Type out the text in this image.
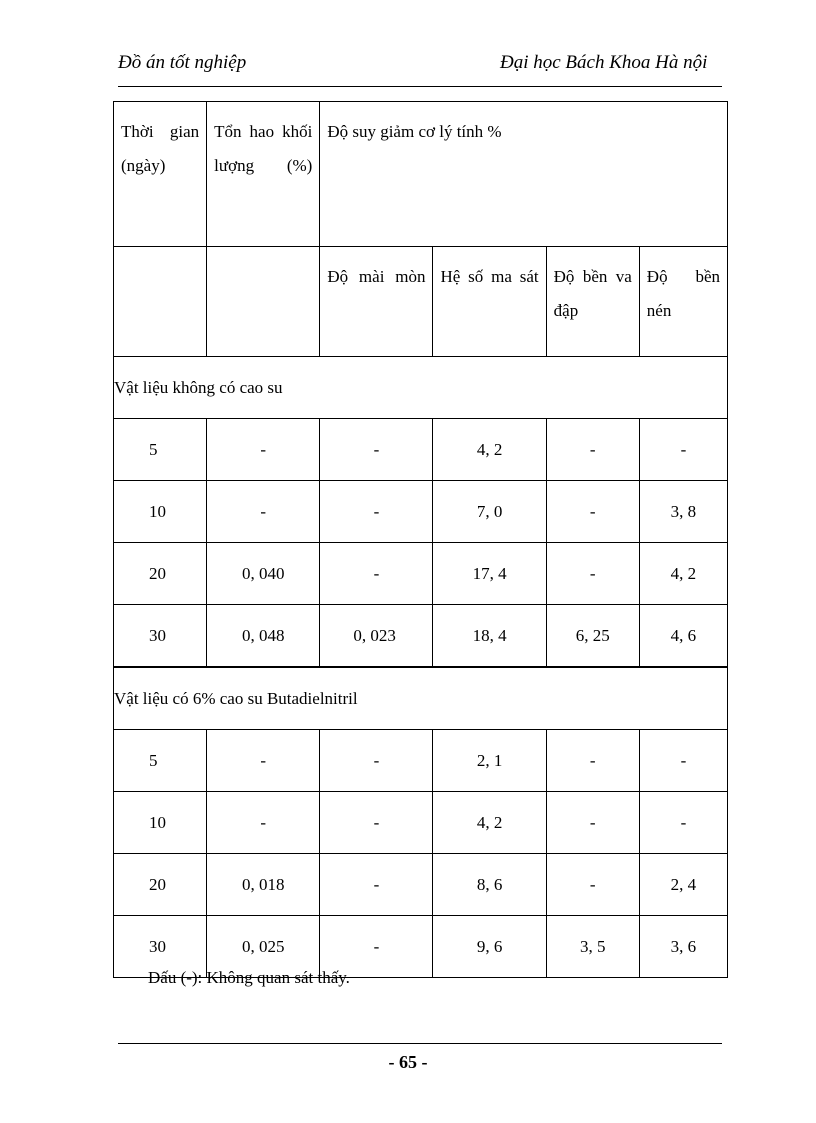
Đồ án tốt nghiệp	Đại học Bách Khoa Hà nội
Thời gian (ngày)	Tổn hao khối lượng (%)	Độ suy giảm cơ lý tính %			
		Độ mài mòn	Hệ số ma sát	Độ bền va đập	Độ bền nén
Vật liệu không có cao su					
5	-	-	4, 2	-	-
10	-	-	7, 0	-	3, 8
20	0, 040	-	17, 4	-	4, 2
30	0, 048	0, 023	18, 4	6, 25	4, 6
Vật liệu có 6% cao su Butadielnitril					
5	-	-	2, 1	-	-
10	-	-	4, 2	-	-
20	0, 018	-	8, 6	-	2, 4
30	0, 025	-	9, 6	3, 5	3, 6
Dấu (-): Không quan sát thấy.
- 65 -
